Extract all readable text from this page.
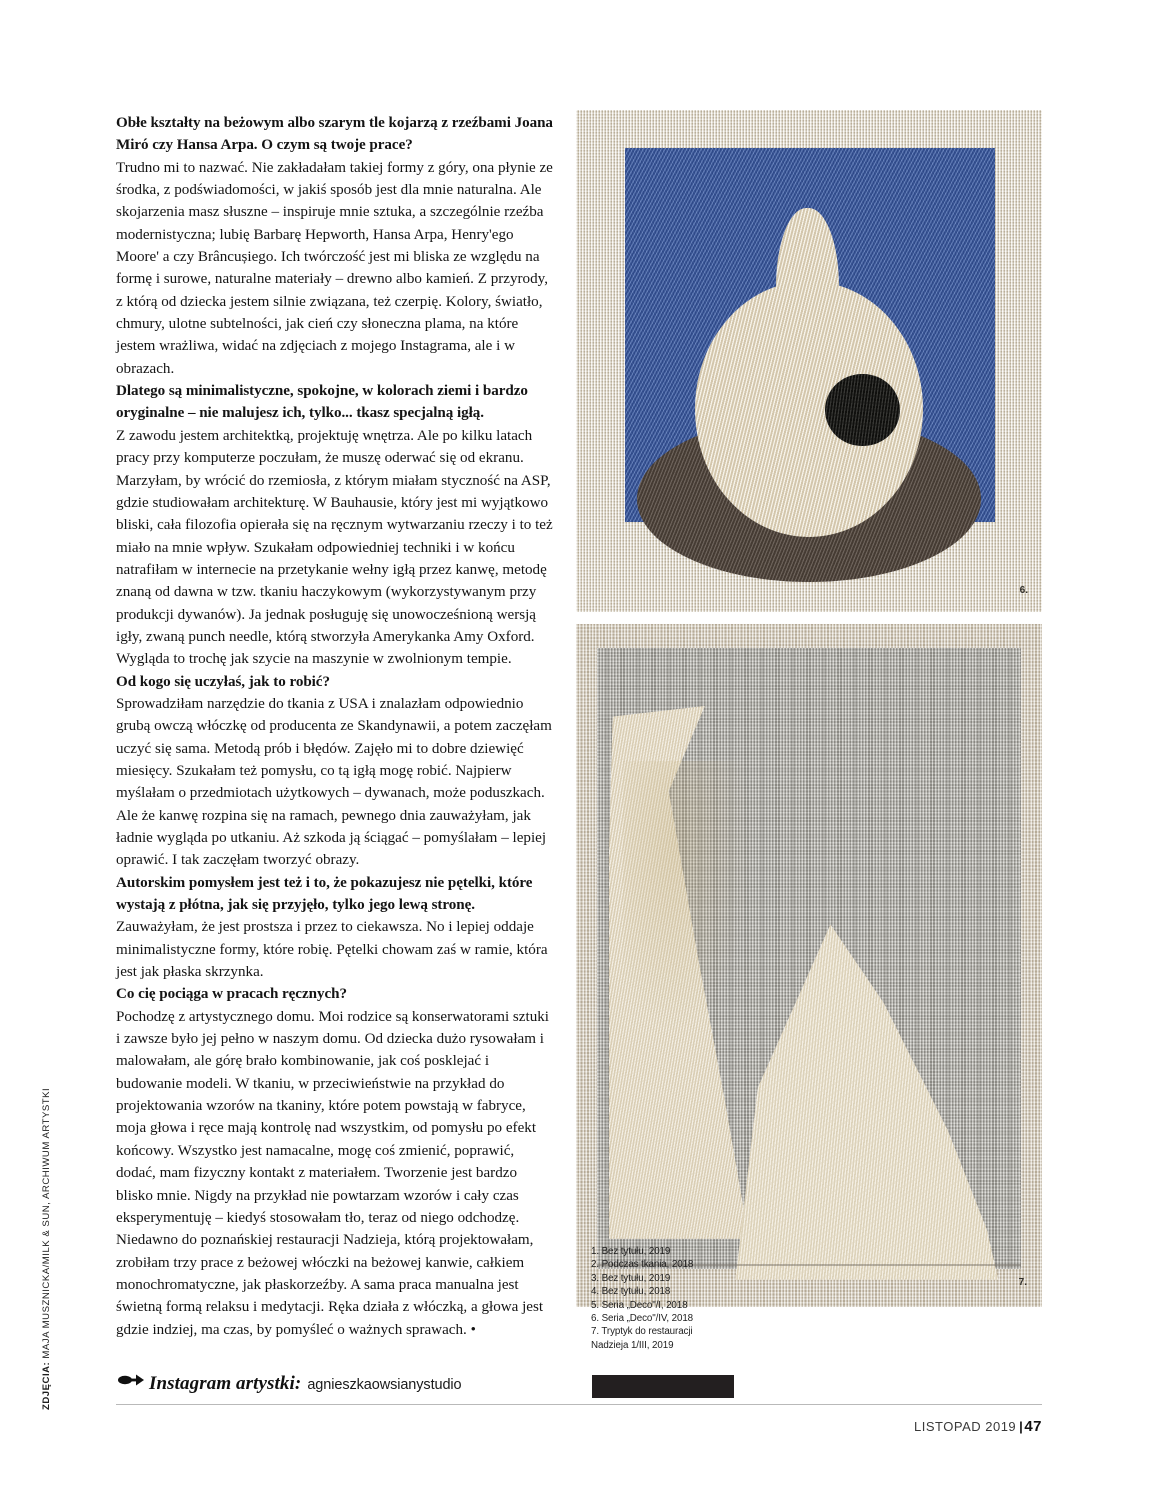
ZDJĘCIA: MAJA MUSZNICKA/MILK & SUN, ARCHIWUM ARTYSTKI

Obłe kształty na beżowym albo szarym tle kojarzą z rzeźbami Joana Miró czy Hansa Arpa. O czym są twoje prace?

Trudno mi to nazwać. Nie zakładałam takiej formy z góry, ona płynie ze środka, z podświadomości, w jakiś sposób jest dla mnie naturalna. Ale skojarzenia masz słuszne – inspiruje mnie sztuka, a szczególnie rzeźba modernistyczna; lubię Barbarę Hepworth, Hansa Arpa, Henry'ego Moore' a czy Brâncușiego. Ich twórczość jest mi bliska ze względu na formę i surowe, naturalne materiały – drewno albo kamień. Z przyrody, z którą od dziecka jestem silnie związana, też czerpię. Kolory, światło, chmury, ulotne subtelności, jak cień czy słoneczna plama, na które jestem wrażliwa, widać na zdjęciach z mojego Instagrama, ale i w obrazach.

Dlatego są minimalistyczne, spokojne, w kolorach ziemi i bardzo oryginalne – nie malujesz ich, tylko... tkasz specjalną igłą.

Z zawodu jestem architektką, projektuję wnętrza. Ale po kilku latach pracy przy komputerze poczułam, że muszę oderwać się od ekranu. Marzyłam, by wrócić do rzemiosła, z którym miałam styczność na ASP, gdzie studiowałam architekturę. W Bauhausie, który jest mi wyjątkowo bliski, cała filozofia opierała się na ręcznym wytwarzaniu rzeczy i to też miało na mnie wpływ. Szukałam odpowiedniej techniki i w końcu natrafiłam w internecie na przetykanie wełny igłą przez kanwę, metodę znaną od dawna w tzw. tkaniu haczykowym (wykorzystywanym przy produkcji dywanów). Ja jednak posługuję się unowocześnioną wersją igły, zwaną punch needle, którą stworzyła Amerykanka Amy Oxford. Wygląda to trochę jak szycie na maszynie w zwolnionym tempie.

Od kogo się uczyłaś, jak to robić?

Sprowadziłam narzędzie do tkania z USA i znalazłam odpowiednio grubą owczą włóczkę od producenta ze Skandynawii, a potem zaczęłam uczyć się sama. Metodą prób i błędów. Zajęło mi to dobre dziewięć miesięcy. Szukałam też pomysłu, co tą igłą mogę robić. Najpierw myślałam o przedmiotach użytkowych – dywanach, może poduszkach. Ale że kanwę rozpina się na ramach, pewnego dnia zauważyłam, jak ładnie wygląda po utkaniu. Aż szkoda ją ściągać – pomyślałam – lepiej oprawić. I tak zaczęłam tworzyć obrazy.

Autorskim pomysłem jest też i to, że pokazujesz nie pętelki, które wystają z płótna, jak się przyjęło, tylko jego lewą stronę.

Zauważyłam, że jest prostsza i przez to ciekawsza. No i lepiej oddaje minimalistyczne formy, które robię. Pętelki chowam zaś w ramie, która jest jak płaska skrzynka.

Co cię pociąga w pracach ręcznych?

Pochodzę z artystycznego domu. Moi rodzice są konserwatorami sztuki i zawsze było jej pełno w naszym domu. Od dziecka dużo rysowałam i malowałam, ale górę brało kombinowanie, jak coś posklejać i budowanie modeli. W tkaniu, w przeciwieństwie na przykład do projektowania wzorów na tkaniny, które potem powstają w fabryce, moja głowa i ręce mają kontrolę nad wszystkim, od pomysłu po efekt końcowy. Wszystko jest namacalne, mogę coś zmienić, poprawić, dodać, mam fizyczny kontakt z materiałem. Tworzenie jest bardzo blisko mnie. Nigdy na przykład nie powtarzam wzorów i cały czas eksperymentuję – kiedyś stosowałam tło, teraz od niego odchodzę. Niedawno do poznańskiej restauracji Nadzieja, którą projektowałam, zrobiłam trzy prace z beżowej włóczki na beżowej kanwie, całkiem monochromatyczne, jak płaskorzeźby. A sama praca manualna jest świetną formą relaksu i medytacji. Ręka działa z włóczką, a głowa jest gdzie indziej, ma czas, by pomyśleć o ważnych sprawach. •

Instagram artystki: agnieszkaowsianystudio
6.
7.
1. Bez tytułu, 2019
2. Podczas tkania, 2018
3. Bez tytułu, 2019
4. Bez tytułu, 2018
5. Seria „Deco"/I, 2018
6. Seria „Deco"/IV, 2018
7. Tryptyk do restauracji
Nadzieja 1/III, 2019
LISTOPAD 2019 |47
